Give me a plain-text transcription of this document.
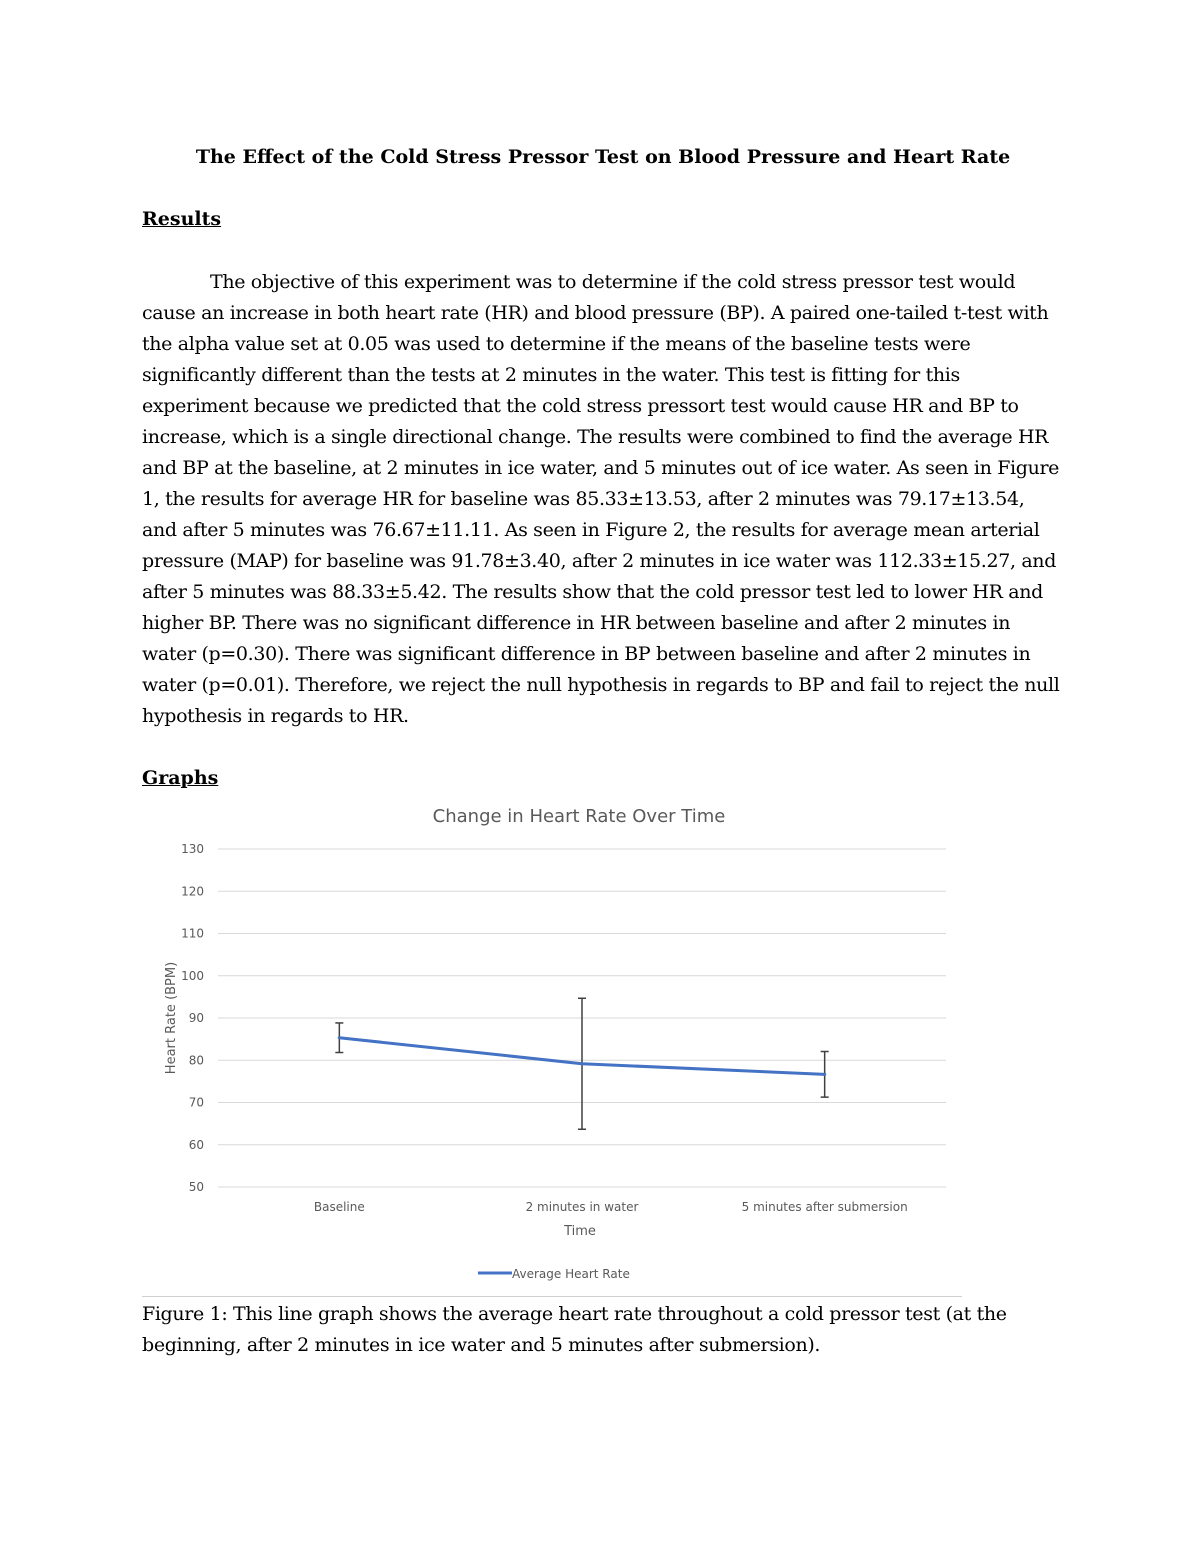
The Effect of the Cold Stress Pressor Test on Blood Pressure and Heart Rate
Results

The objective of this experiment was to determine if the cold stress pressor test would cause an increase in both heart rate (HR) and blood pressure (BP). A paired one-tailed t-test with the alpha value set at 0.05 was used to determine if the means of the baseline tests were significantly different than the tests at 2 minutes in the water. This test is fitting for this experiment because we predicted that the cold stress pressort test would cause HR and BP to increase, which is a single directional change. The results were combined to find the average HR and BP at the baseline, at 2 minutes in ice water, and 5 minutes out of ice water. As seen in Figure 1, the results for average HR for baseline was 85.33±13.53, after 2 minutes was 79.17±13.54, and after 5 minutes was 76.67±11.11. As seen in Figure 2, the results for average mean arterial pressure (MAP) for baseline was 91.78±3.40, after 2 minutes in ice water was 112.33±15.27, and after 5 minutes was 88.33±5.42. The results show that the cold pressor test led to lower HR and higher BP. There was no significant difference in HR between baseline and after 2 minutes in water (p=0.30). There was significant difference in BP between baseline and after 2 minutes in water (p=0.01). Therefore, we reject the null hypothesis in regards to BP and fail to reject the null hypothesis in regards to HR.

Graphs
Change in Heart Rate Over Time
50
60
70
80
90
100
110
120
130
Baseline	2 minutes in water	5 minutes after submersion
Heart Rate (BPM)
Time
Average Heart Rate

Figure 1: This line graph shows the average heart rate throughout a cold pressor test (at the beginning, after 2 minutes in ice water and 5 minutes after submersion).
